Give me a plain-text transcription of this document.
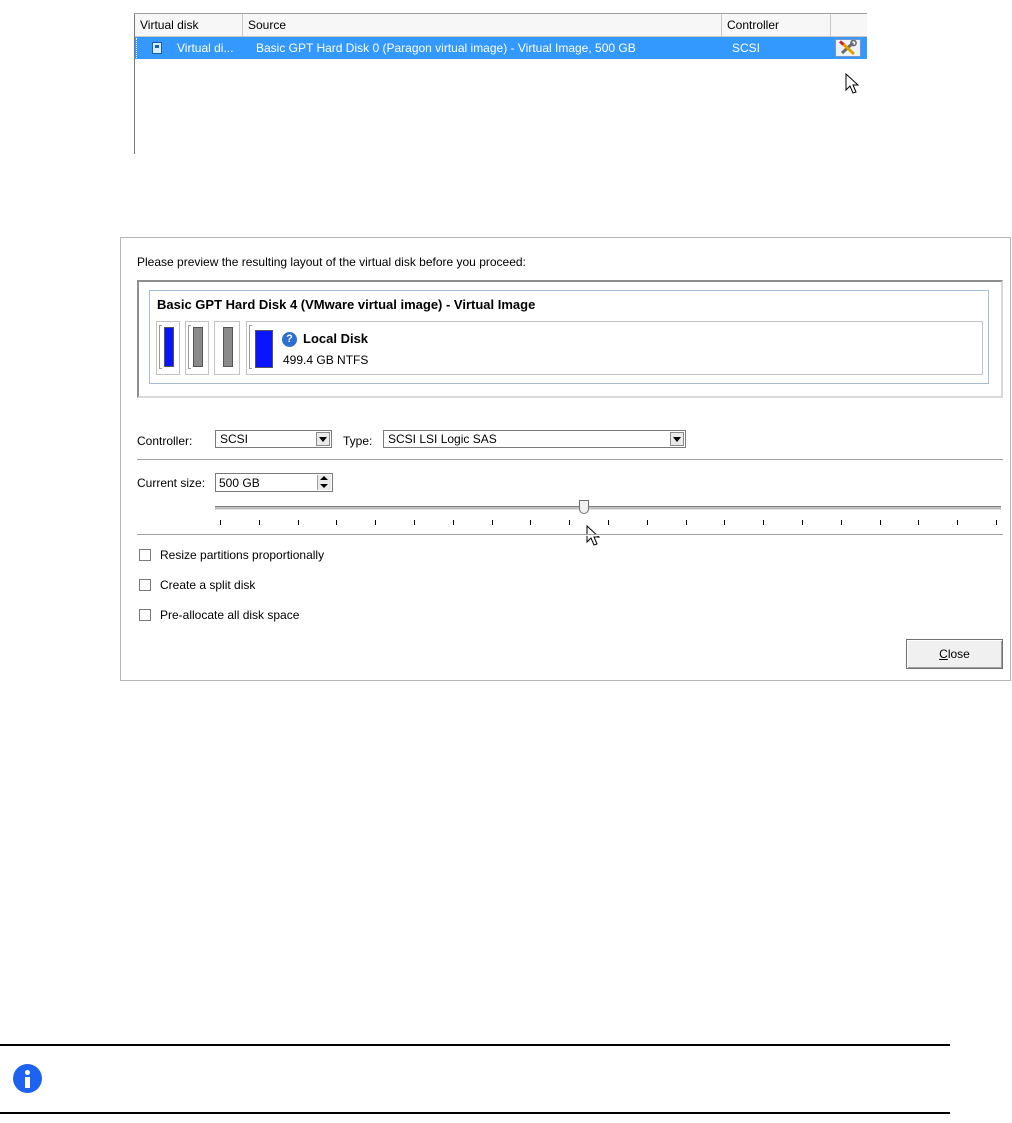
Virtual disk	Source	Controller
Virtual di...	Basic GPT Hard Disk 0 (Paragon virtual image) - Virtual Image, 500 GB	SCSI
Please preview the resulting layout of the virtual disk before you proceed:
Basic GPT Hard Disk 4 (VMware virtual image) - Virtual Image
? Local Disk
499.4 GB NTFS
Controller: SCSI	Type: SCSI LSI Logic SAS
Current size: 500 GB
Resize partitions proportionally
Create a split disk
Pre-allocate all disk space
Close
